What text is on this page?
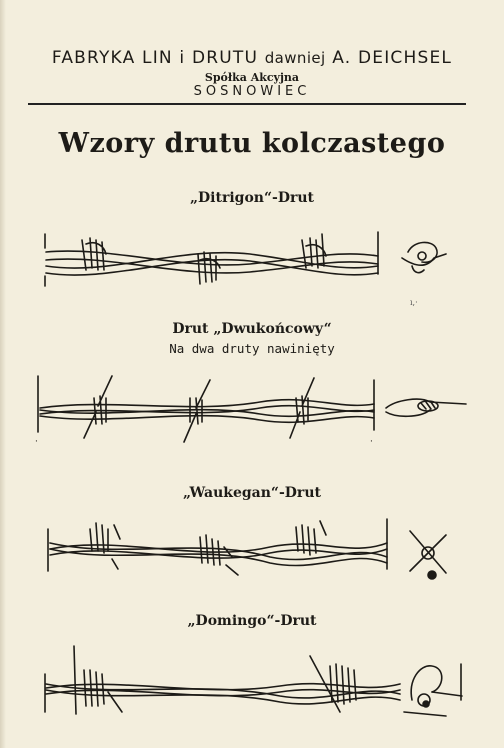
FABRYKA LIN i DRUTU dawniej A. DEICHSEL
Spółka Akcyjna
SOSNOWIEC
Wzory drutu kolczastego
„Ditrigon“-Drut
ı,·
Drut „Dwukońcowy“
Na dwa druty nawinięty
·	·
„Waukegan“-Drut
„Domingo“-Drut
